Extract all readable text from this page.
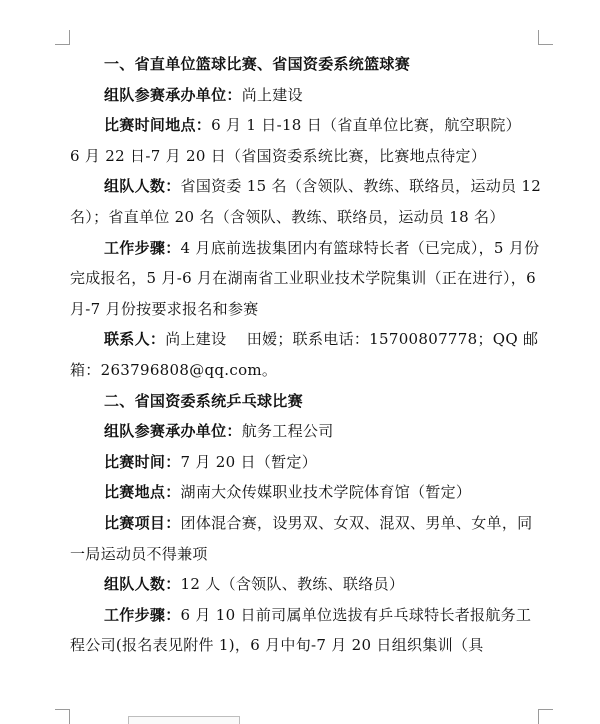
一、省直单位篮球比赛、省国资委系统篮球赛

组队参赛承办单位：尚上建设

比赛时间地点：6 月 1 日-18 日（省直单位比赛，航空职院）

6 月 22 日-7 月 20 日（省国资委系统比赛，比赛地点待定）

组队人数：省国资委 15 名（含领队、教练、联络员，运动员 12 名）；省直单位 20 名（含领队、教练、联络员，运动员 18 名）

工作步骤：4 月底前选拔集团内有篮球特长者（已完成），5 月份完成报名，5 月-6 月在湖南省工业职业技术学院集训（正在进行），6 月-7 月份按要求报名和参赛

联系人：尚上建设　 田嫒；联系电话：15700807778；QQ 邮箱：263796808@qq.com。

二、省国资委系统乒乓球比赛

组队参赛承办单位：航务工程公司

比赛时间：7 月 20 日（暂定）

比赛地点：湖南大众传媒职业技术学院体育馆（暂定）

比赛项目：团体混合赛，设男双、女双、混双、男单、女单，同一局运动员不得兼项

组队人数：12 人（含领队、教练、联络员）

工作步骤：6 月 10 日前司属单位选拔有乒乓球特长者报航务工程公司(报名表见附件 1)，6 月中旬-7 月 20 日组织集训（具
